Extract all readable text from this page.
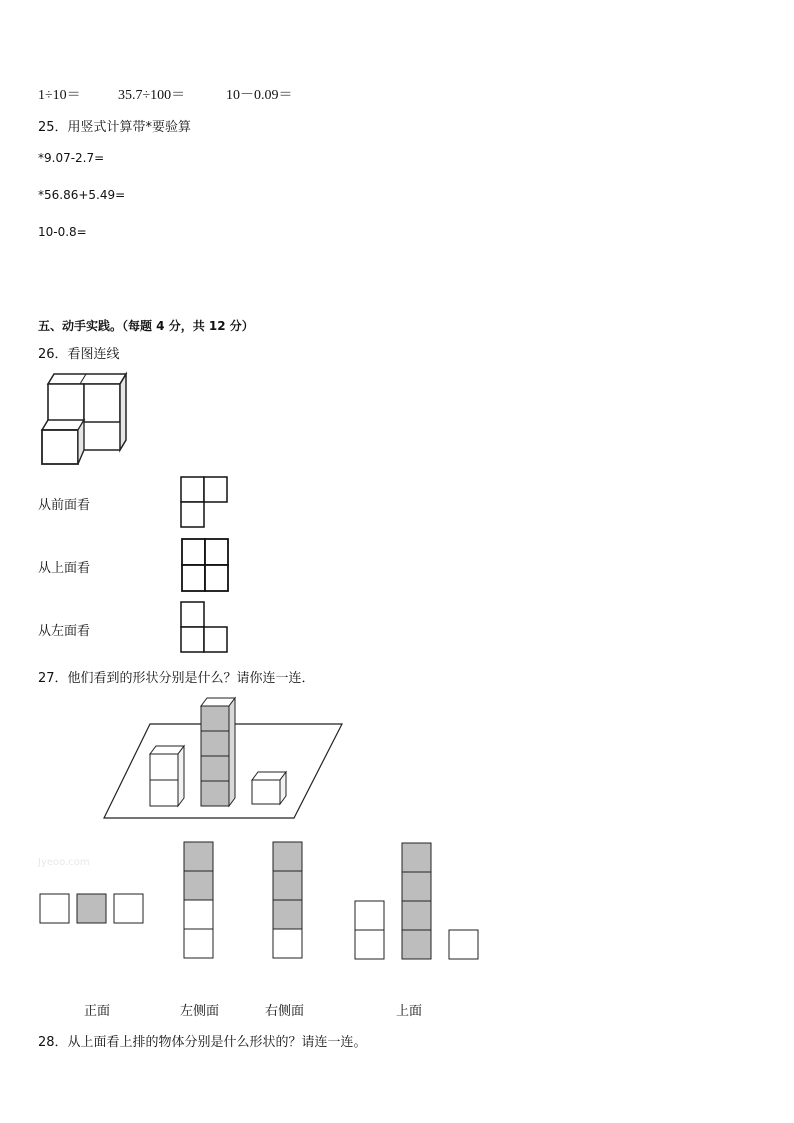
1÷10＝	35.7÷100＝	10－0.09＝
25．用竖式计算带*要验算
*9.07-2.7=
*56.86+5.49=
10-0.8=
五、动手实践。（每题 4 分，共 12 分）
26．看图连线
从前面看
从上面看
从左面看
27．他们看到的形状分别是什么？请你连一连．
Jyeoo.com
正面	左侧面	右侧面	上面
28．从上面看上排的物体分别是什么形状的？请连一连。
